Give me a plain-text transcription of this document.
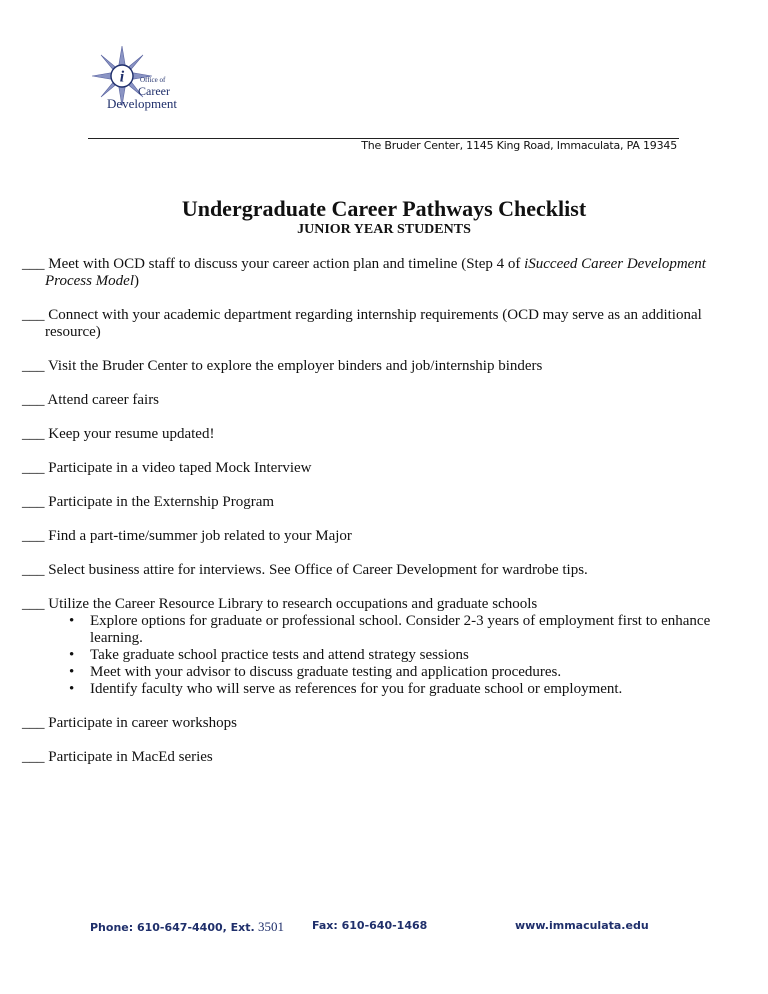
i Office of
Career
Development
The Bruder Center, 1145 King Road, Immaculata, PA 19345
Undergraduate Career Pathways Checklist
JUNIOR YEAR STUDENTS
___ Meet with OCD staff to discuss your career action plan and timeline (Step 4 of iSucceed Career Development Process Model)
___ Connect with your academic department regarding internship requirements (OCD may serve as an additional resource)
___ Visit the Bruder Center to explore the employer binders and job/internship binders
___ Attend career fairs
___ Keep your resume updated!
___ Participate in a video taped Mock Interview
___ Participate in the Externship Program
___ Find a part-time/summer job related to your Major
___ Select business attire for interviews. See Office of Career Development for wardrobe tips.
___ Utilize the Career Resource Library to research occupations and graduate schools
• Explore options for graduate or professional school. Consider 2-3 years of employment first to enhance learning.
• Take graduate school practice tests and attend strategy sessions
• Meet with your advisor to discuss graduate testing and application procedures.
• Identify faculty who will serve as references for you for graduate school or employment.
___ Participate in career workshops
___ Participate in MacEd series
Phone: 610-647-4400, Ext. 3501	Fax: 610-640-1468	www.immaculata.edu
